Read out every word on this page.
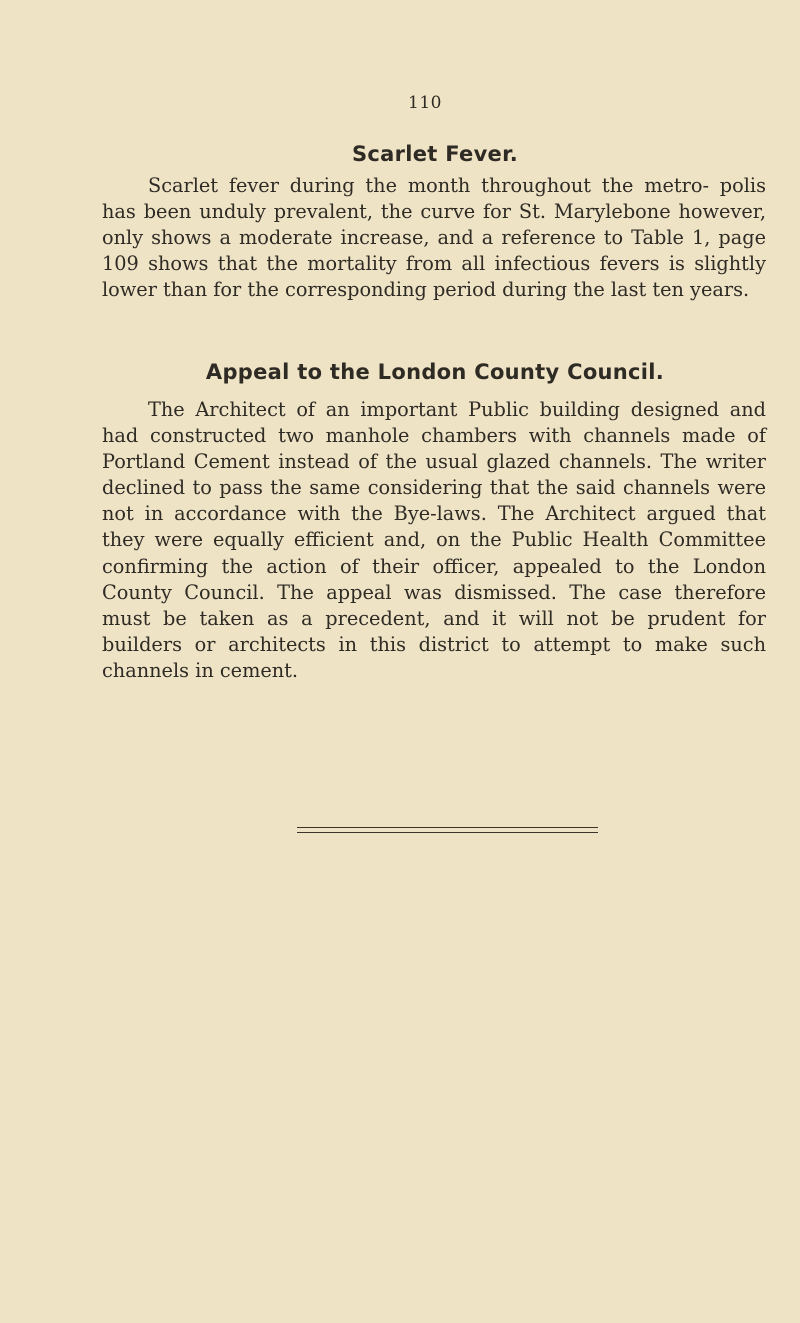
110
Scarlet Fever.

Scarlet fever during the month throughout the metro- polis has been unduly prevalent, the curve for St. Marylebone however, only shows a moderate increase, and a reference to Table 1, page 109 shows that the mortality from all infectious fevers is slightly lower than for the corresponding period during the last ten years.

Appeal to the London County Council.

The Architect of an important Public building designed and had constructed two manhole chambers with channels made of Portland Cement instead of the usual glazed channels. The writer declined to pass the same considering that the said channels were not in accordance with the Bye-laws. The Architect argued that they were equally efficient and, on the Public Health Committee confirming the action of their officer, appealed to the London County Council. The appeal was dismissed. The case therefore must be taken as a precedent, and it will not be prudent for builders or architects in this district to attempt to make such channels in cement.
